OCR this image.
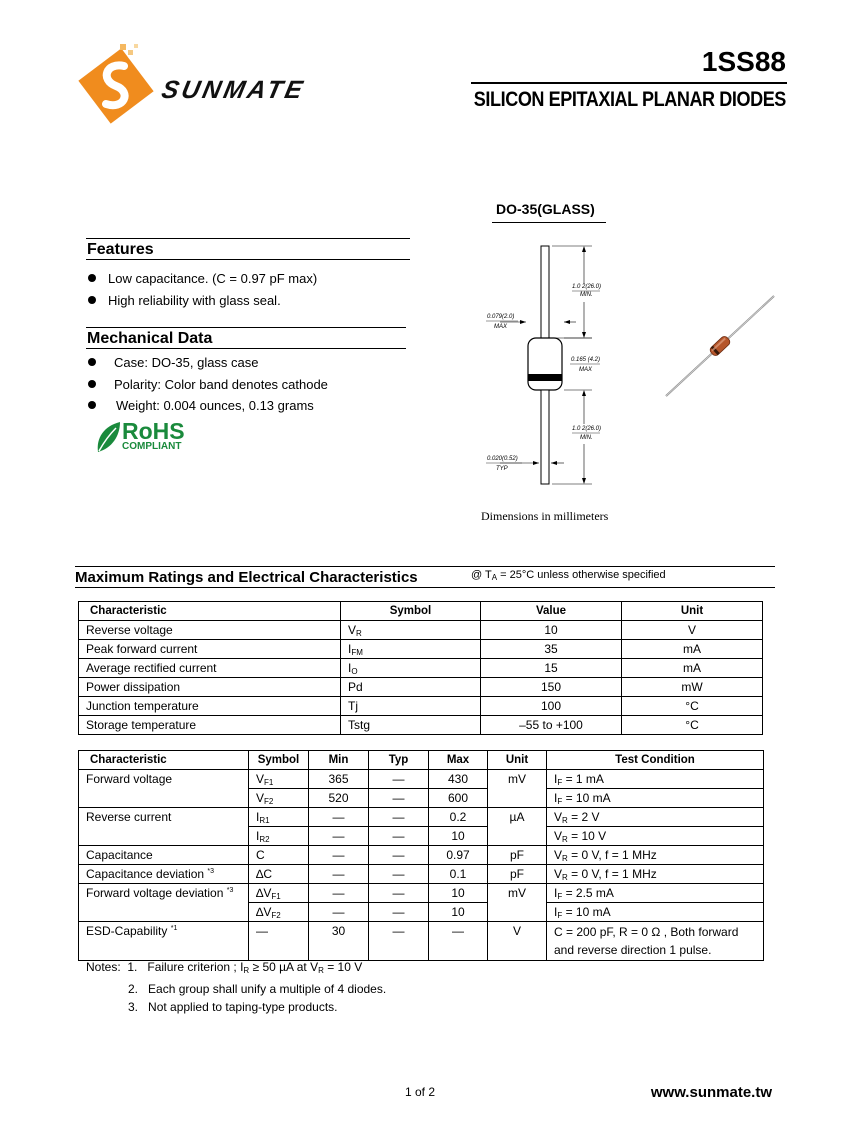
SUNMATE
1SS88
SILICON EPITAXIAL PLANAR DIODES
DO-35(GLASS)
1.0 2(26.0)
MIN.
0.079(2.0)
MAX
0.165 (4.2)
MAX
1.0 2(26.0)
MIN.
0.020(0.52)
TYP
Dimensions in millimeters
Features
Low capacitance. (C = 0.97 pF max)
High reliability with glass seal.
Mechanical Data
Case: DO-35, glass case
Polarity: Color band denotes cathode
Weight: 0.004 ounces, 0.13 grams
RoHS
COMPLIANT
Maximum Ratings and Electrical Characteristics	@ $T_A = 25^\circ C$ unless otherwise specified
Characteristic	Symbol	Value	Unit
Reverse voltage	$V_R$	10	V
Peak forward current	$I_{FM}$	35	mA
Average rectified current	$I_O$	15	mA
Power dissipation	Pd	150	mW
Junction temperature	Tj	100	°C
Storage temperature	Tstg	–55 to +100	°C
Characteristic	Symbol	Min	Typ	Max	Unit	Test Condition
Forward voltage	$V_{F1}$	365	—	430	mV	$I_F = 1$ mA
	$V_{F2}$	520	—	600		$I_F = 10$ mA
Reverse current	$I_{R1}$	—	—	0.2	µA	$V_R = 2$ V
	$I_{R2}$	—	—	10		$V_R = 10$ V
Capacitance	C	—	—	0.97	pF	$V_R = 0$ V, f = 1 MHz
Capacitance deviation $^{*3}$	∆C	—	—	0.1	pF	$V_R = 0$ V, f = 1 MHz
Forward voltage deviation $^{*3}$	$\Delta V_{F1}$	—	—	10	mV	$I_F = 2.5$ mA
	$\Delta V_{F2}$	—	—	10		$I_F = 10$ mA
ESD-Capability $^{*1}$	—	30	—	—	V	C = 200 pF, R = 0 Ω , Both forward
and reverse direction 1 pulse.
Notes: 1. Failure criterion ; $I_R \ge 50$ µA at $V_R = 10$ V
2. Each group shall unify a multiple of 4 diodes.
3. Not applied to taping-type products.
1 of 2	www.sunmate.tw
